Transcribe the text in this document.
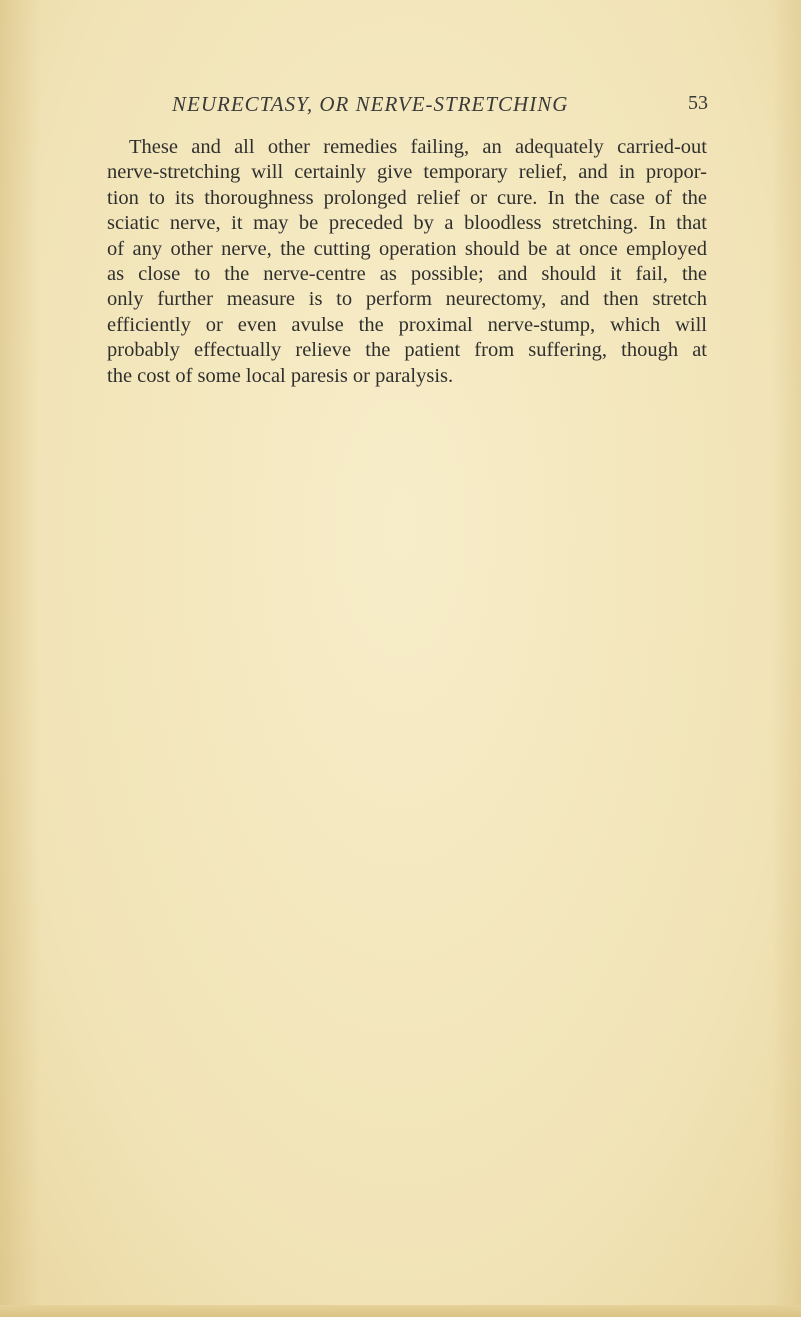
NEURECTASY, OR NERVE-STRETCHING	53
These and all other remedies failing, an adequately carried-out
nerve-stretching will certainly give temporary relief, and in propor-
tion to its thoroughness prolonged relief or cure. In the case of the
sciatic nerve, it may be preceded by a bloodless stretching. In that
of any other nerve, the cutting operation should be at once employed
as close to the nerve-centre as possible; and should it fail, the
only further measure is to perform neurectomy, and then stretch
efficiently or even avulse the proximal nerve-stump, which will
probably effectually relieve the patient from suffering, though at
the cost of some local paresis or paralysis.
